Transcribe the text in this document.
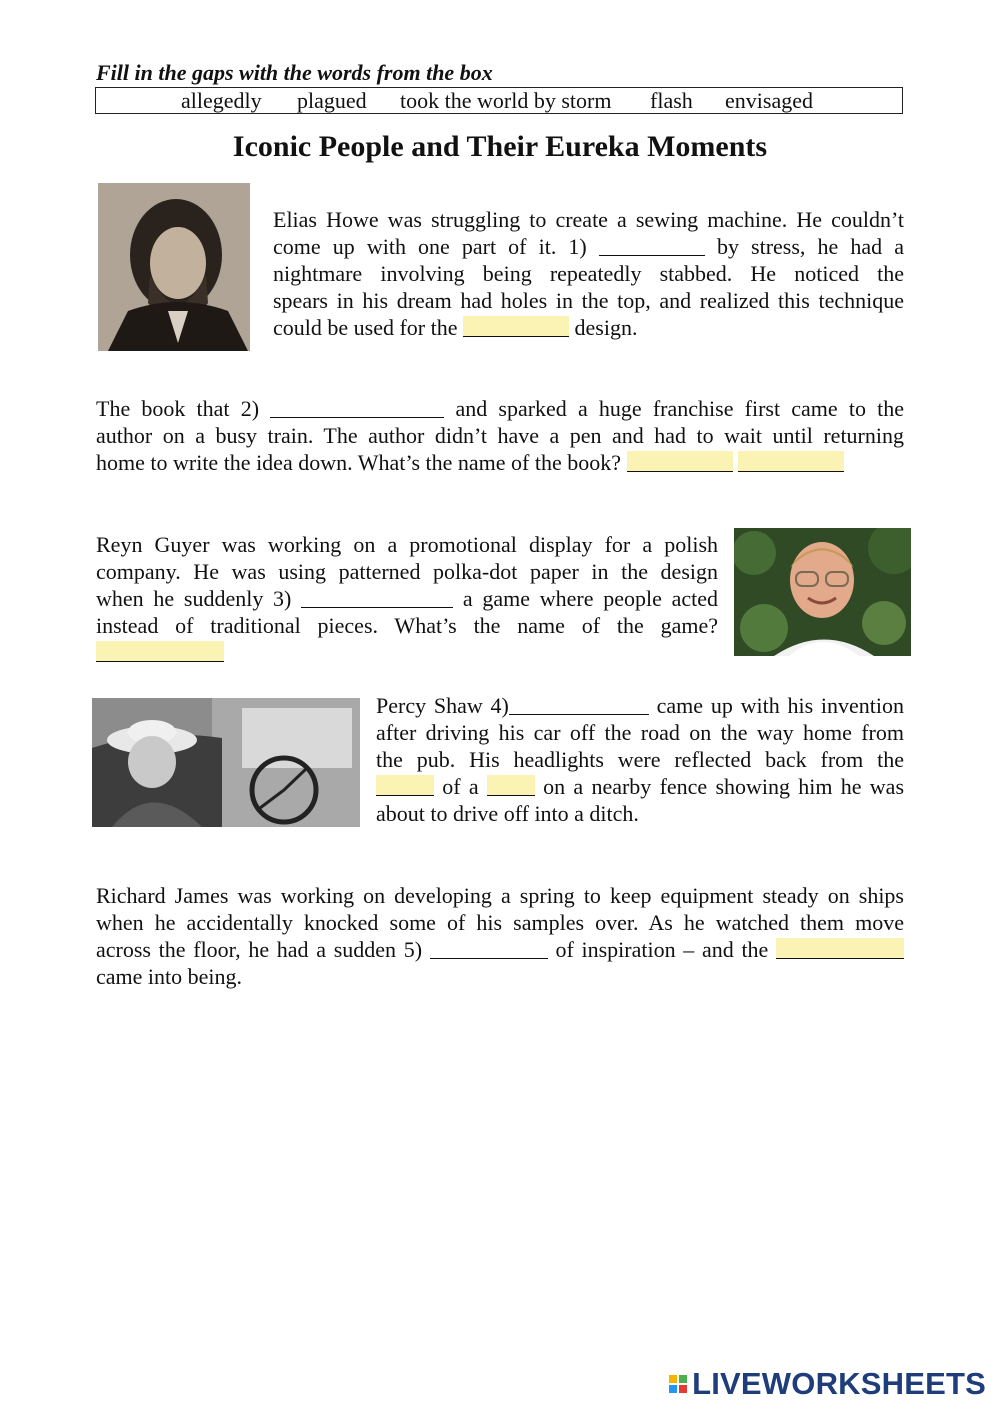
Fill in the gaps with the words from the box
allegedly plagued took the world by storm flash envisaged
Iconic People and Their Eureka Moments
Elias Howe was struggling to create a sewing machine. He couldn’t
come up with one part of it. 1)	by stress, he had a
nightmare involving being repeatedly stabbed. He noticed the
spears in his dream had holes in the top, and realized this technique
could be used for the	design.
The book that 2)	and sparked a huge franchise first came to the
author on a busy train. The author didn’t have a pen and had to wait until returning
home to write the idea down. What’s the name of the book?
Reyn Guyer was working on a promotional display for a polish
company. He was using patterned polka-dot paper in the design
when he suddenly 3)	a game where people acted
instead of traditional pieces. What’s the name of the game?
Percy Shaw 4)	came up with his invention
after driving his car off the road on the way home from
the pub. His headlights were reflected back from the
of a	on a nearby fence showing him he was
about to drive off into a ditch.
Richard James was working on developing a spring to keep equipment steady on ships
when he accidentally knocked some of his samples over. As he watched them move
across the floor, he had a sudden 5)	of inspiration – and the
came into being.
LIVEWORKSHEETS
